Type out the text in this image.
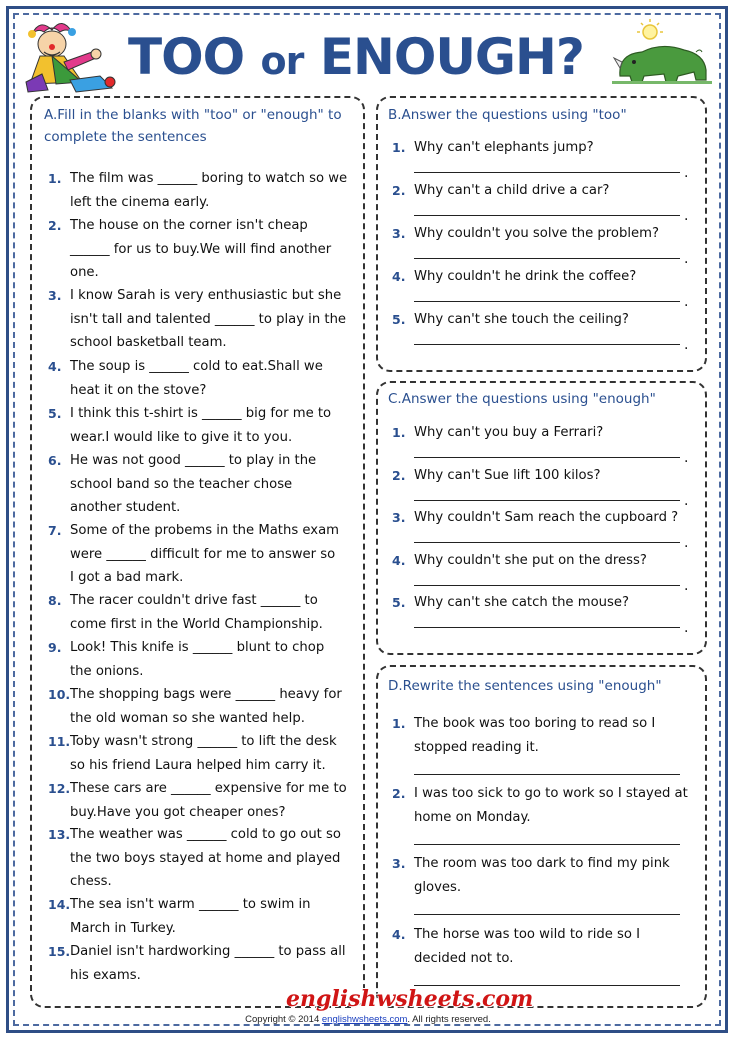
TOO or ENOUGH?
A.Fill in the blanks with "too" or "enough" to
complete the sentences
1. The film was ______ boring to watch so we
left the cinema early.
2. The house on the corner isn't cheap
______ for us to buy.We will find another
one.
3. I know Sarah is very enthusiastic but she
isn't tall and talented ______ to play in the
school basketball team.
4. The soup is ______ cold to eat.Shall we
heat it on the stove?
5. I think this t-shirt is ______ big for me to
wear.I would like to give it to you.
6. He was not good ______ to play in the
school band so the teacher chose
another student.
7. Some of the probems in the Maths exam
were ______ difficult for me to answer so
I got a bad mark.
8. The racer couldn't drive fast ______ to
come first in the World Championship.
9. Look! This knife is ______ blunt to chop
the onions.
10. The shopping bags were ______ heavy for
the old woman so she wanted help.
11. Toby wasn't strong ______ to lift the desk
so his friend Laura helped him carry it.
12. These cars are ______ expensive for me to
buy.Have you got cheaper ones?
13. The weather was ______ cold to go out so
the two boys stayed at home and played
chess.
14. The sea isn't warm ______ to swim in
March in Turkey.
15. Daniel isn't hardworking ______ to pass all
his exams.
B.Answer the questions using "too"
1. Why can't elephants jump?
.
2. Why can't a child drive a car?
.
3. Why couldn't you solve the problem?
.
4. Why couldn't he drink the coffee?
.
5. Why can't she touch the ceiling?
.
C.Answer the questions using "enough"
1. Why can't you buy a Ferrari?
.
2. Why can't Sue lift 100 kilos?
.
3. Why couldn't Sam reach the cupboard ?
.
4. Why couldn't she put on the dress?
.
5. Why can't she catch the mouse?
.
D.Rewrite the sentences using "enough"
1. The book was too boring to read so I
stopped reading it.
2. I was too sick to go to work so I stayed at
home on Monday.
3. The room was too dark to find my pink
gloves.
4. The horse was too wild to ride so I
decided not to.
englishwsheets.com
Copyright © 2014 englishwsheets.com. All rights reserved.
